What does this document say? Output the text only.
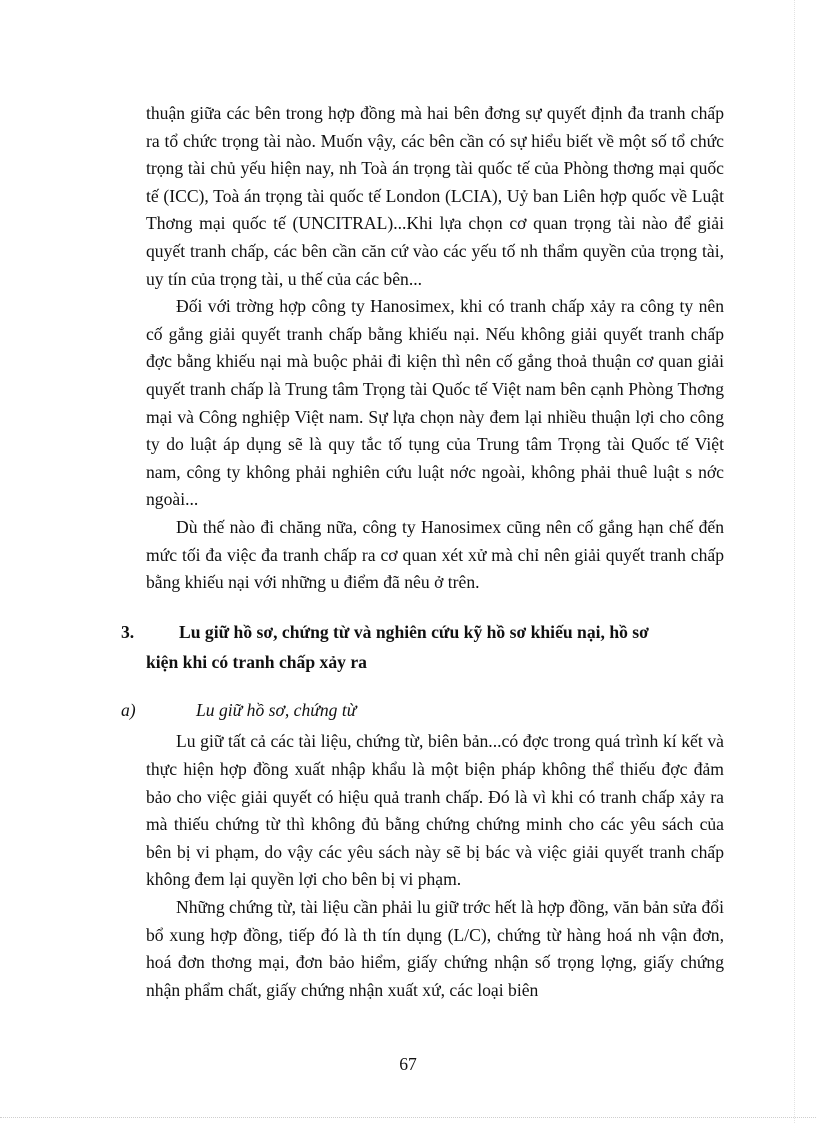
thuận giữa các bên trong hợp đồng mà hai bên đơng sự quyết định đa tranh chấp ra tổ chức trọng tài nào. Muốn vậy, các bên cần có sự hiểu biết về một số tổ chức trọng tài chủ yếu hiện nay, nh Toà án trọng tài quốc tế của Phòng thơng mại quốc tế (ICC), Toà án trọng tài quốc tế London (LCIA), Uỷ ban Liên hợp quốc về Luật Thơng mại quốc tế (UNCITRAL)...Khi lựa chọn cơ quan trọng tài nào để giải quyết tranh chấp, các bên cần căn cứ vào các yếu tố nh thẩm quyền của trọng tài, uy tín của trọng tài, u thế của các bên...

Đối với trờng hợp công ty Hanosimex, khi có tranh chấp xảy ra công ty nên cố gắng giải quyết tranh chấp bằng khiếu nại. Nếu không giải quyết tranh chấp đợc bằng khiếu nại mà buộc phải đi kiện thì nên cố gắng thoả thuận cơ quan giải quyết tranh chấp là Trung tâm Trọng tài Quốc tế Việt nam bên cạnh Phòng Thơng mại và Công nghiệp Việt nam. Sự lựa chọn này đem lại nhiều thuận lợi cho công ty do luật áp dụng sẽ là quy tắc tố tụng của Trung tâm Trọng tài Quốc tế Việt nam, công ty không phải nghiên cứu luật nớc ngoài, không phải thuê luật s nớc ngoài...

Dù thế nào đi chăng nữa, công ty Hanosimex cũng nên cố gắng hạn chế đến mức tối đa việc đa tranh chấp ra cơ quan xét xử mà chỉ nên giải quyết tranh chấp bằng khiếu nại với những u điểm đã nêu ở trên.

3.	Lu giữ hồ sơ, chứng từ và nghiên cứu kỹ hồ sơ khiếu nại, hồ sơ
kiện khi có tranh chấp xảy ra
a)	Lu giữ hồ sơ, chứng từ

Lu giữ tất cả các tài liệu, chứng từ, biên bản...có đợc trong quá trình kí kết và thực hiện hợp đồng xuất nhập khẩu là một biện pháp không thể thiếu đợc đảm bảo cho việc giải quyết có hiệu quả tranh chấp. Đó là vì khi có tranh chấp xảy ra mà thiếu chứng từ thì không đủ bằng chứng chứng minh cho các yêu sách của bên bị vi phạm, do vậy các yêu sách này sẽ bị bác và việc giải quyết tranh chấp không đem lại quyền lợi cho bên bị vi phạm.

Những chứng từ, tài liệu cần phải lu giữ trớc hết là hợp đồng, văn bản sửa đổi bổ xung hợp đồng, tiếp đó là th tín dụng (L/C), chứng từ hàng hoá nh vận đơn, hoá đơn thơng mại, đơn bảo hiểm, giấy chứng nhận số trọng lợng, giấy chứng nhận phẩm chất, giấy chứng nhận xuất xứ, các loại biên

67
